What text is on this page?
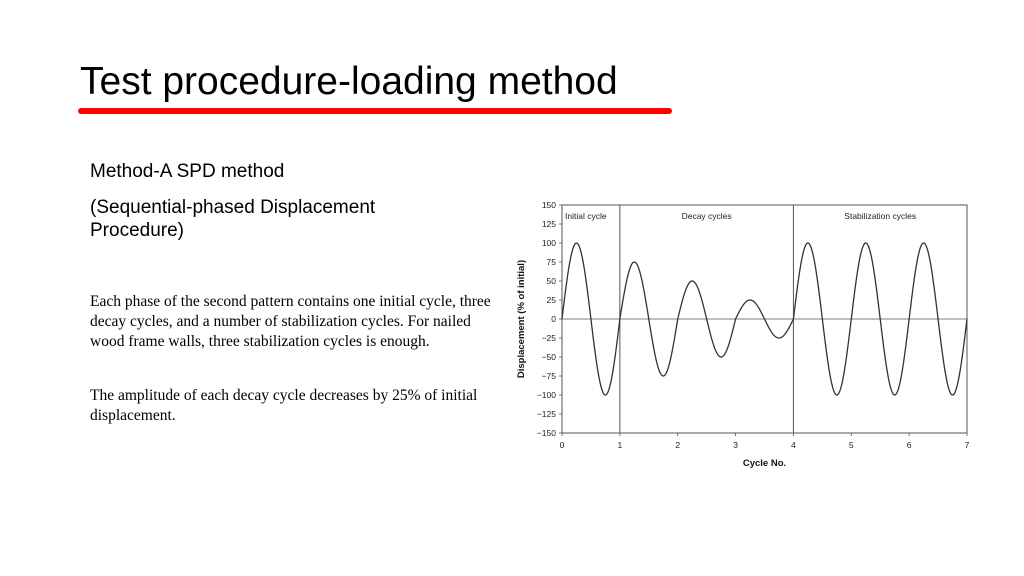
Test procedure-loading method

Method-A SPD method

(Sequential-phased Displacement Procedure)

Each phase of the second pattern contains one initial cycle, three decay cycles, and a number of stabilization cycles. For nailed wood frame walls, three stabilization cycles is enough.

The amplitude of each decay cycle decreases by 25% of initial displacement.

Initial cycle	Decay cycles	Stabilization cycles
150
125
100
75
50
25
0
−25
−50
−75
−100
−125
−150
0	1	2	3	4	5	6	7
Displacement (% of initial)
Cycle No.
